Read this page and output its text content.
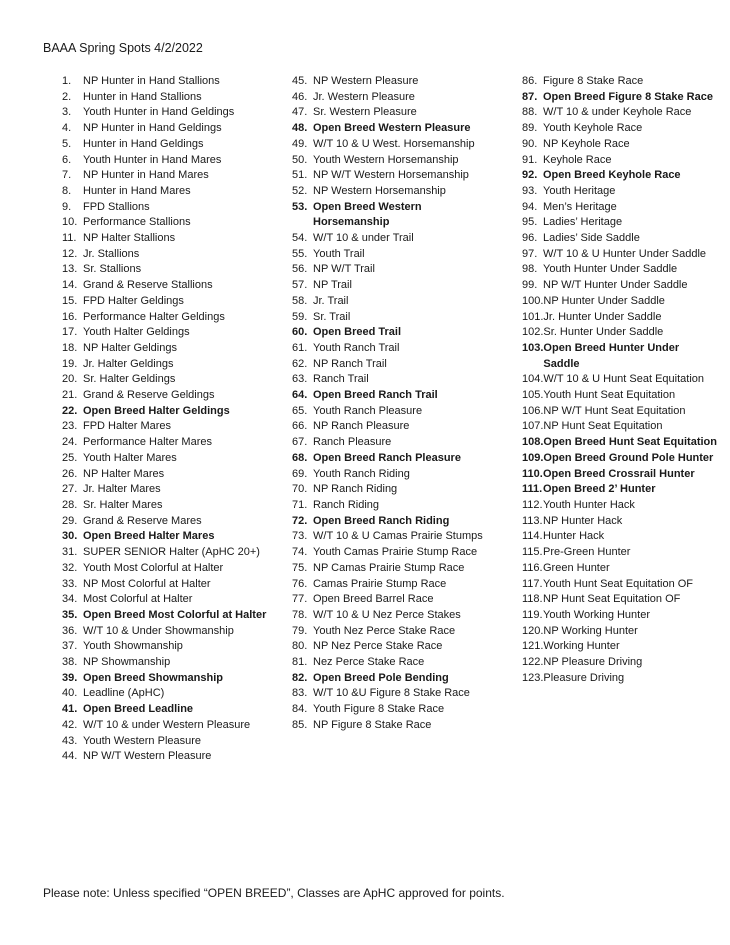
BAAA Spring Spots 4/2/2022
1.	NP Hunter in Hand Stallions
2.	Hunter in Hand Stallions
3.	Youth Hunter in Hand Geldings
4.	NP Hunter in Hand Geldings
5.	Hunter in Hand Geldings
6.	Youth Hunter in Hand Mares
7.	NP Hunter in Hand Mares
8.	Hunter in Hand Mares
9.	FPD Stallions
10. Performance Stallions
11. NP Halter Stallions
12. Jr. Stallions
13. Sr. Stallions
14. Grand & Reserve Stallions
15. FPD Halter Geldings
16. Performance Halter Geldings
17. Youth Halter Geldings
18. NP Halter Geldings
19. Jr. Halter Geldings
20. Sr. Halter Geldings
21. Grand & Reserve Geldings
22. Open Breed Halter Geldings
23. FPD Halter Mares
24. Performance Halter Mares
25. Youth Halter Mares
26. NP Halter Mares
27. Jr. Halter Mares
28. Sr. Halter Mares
29. Grand & Reserve Mares
30. Open Breed Halter Mares
31. SUPER SENIOR Halter (ApHC 20+)
32. Youth Most Colorful at Halter
33. NP Most Colorful at Halter
34. Most Colorful at Halter
35. Open Breed Most Colorful at Halter
36. W/T 10 & Under Showmanship
37. Youth Showmanship
38. NP Showmanship
39. Open Breed Showmanship
40. Leadline (ApHC)
41. Open Breed Leadline
42. W/T 10 & under Western Pleasure
43. Youth Western Pleasure
44. NP W/T Western Pleasure
45. NP Western Pleasure
46. Jr. Western Pleasure
47. Sr. Western Pleasure
48. Open Breed Western Pleasure
49. W/T 10 & U West. Horsemanship
50. Youth Western Horsemanship
51. NP W/T Western Horsemanship
52. NP Western Horsemanship
53. Open Breed Western Horsemanship
54. W/T 10 & under Trail
55. Youth Trail
56. NP W/T Trail
57. NP Trail
58. Jr. Trail
59. Sr. Trail
60. Open Breed Trail
61. Youth Ranch Trail
62. NP Ranch Trail
63. Ranch Trail
64. Open Breed Ranch Trail
65. Youth Ranch Pleasure
66. NP Ranch Pleasure
67. Ranch Pleasure
68. Open Breed Ranch Pleasure
69. Youth Ranch Riding
70. NP Ranch Riding
71. Ranch Riding
72. Open Breed Ranch Riding
73. W/T 10 & U Camas Prairie Stumps
74. Youth Camas Prairie Stump Race
75. NP Camas Prairie Stump Race
76. Camas Prairie Stump Race
77. Open Breed Barrel Race
78. W/T 10 & U Nez Perce Stakes
79. Youth Nez Perce Stake Race
80. NP Nez Perce Stake Race
81. Nez Perce Stake Race
82. Open Breed Pole Bending
83. W/T 10 &U Figure 8 Stake Race
84. Youth Figure 8 Stake Race
85. NP Figure 8 Stake Race
86. Figure 8 Stake Race
87. Open Breed Figure 8 Stake Race
88. W/T 10 & under Keyhole Race
89. Youth Keyhole Race
90. NP Keyhole Race
91. Keyhole Race
92. Open Breed Keyhole Race
93. Youth Heritage
94. Men’s Heritage
95. Ladies’ Heritage
96. Ladies’ Side Saddle
97. W/T 10 & U Hunter Under Saddle
98. Youth Hunter Under Saddle
99. NP W/T Hunter Under Saddle
100. NP Hunter Under Saddle
101. Jr. Hunter Under Saddle
102. Sr. Hunter Under Saddle
103. Open Breed Hunter Under Saddle
104. W/T 10 & U Hunt Seat Equitation
105. Youth Hunt Seat Equitation
106. NP W/T Hunt Seat Equitation
107. NP Hunt Seat Equitation
108. Open Breed Hunt Seat Equitation
109. Open Breed Ground Pole Hunter
110. Open Breed Crossrail Hunter
111. Open Breed 2’ Hunter
112. Youth Hunter Hack
113. NP Hunter Hack
114. Hunter Hack
115. Pre-Green Hunter
116. Green Hunter
117. Youth Hunt Seat Equitation OF
118. NP Hunt Seat Equitation OF
119. Youth Working Hunter
120. NP Working Hunter
121. Working Hunter
122. NP Pleasure Driving
123. Pleasure Driving
Please note: Unless specified “OPEN BREED”, Classes are ApHC approved for points.
